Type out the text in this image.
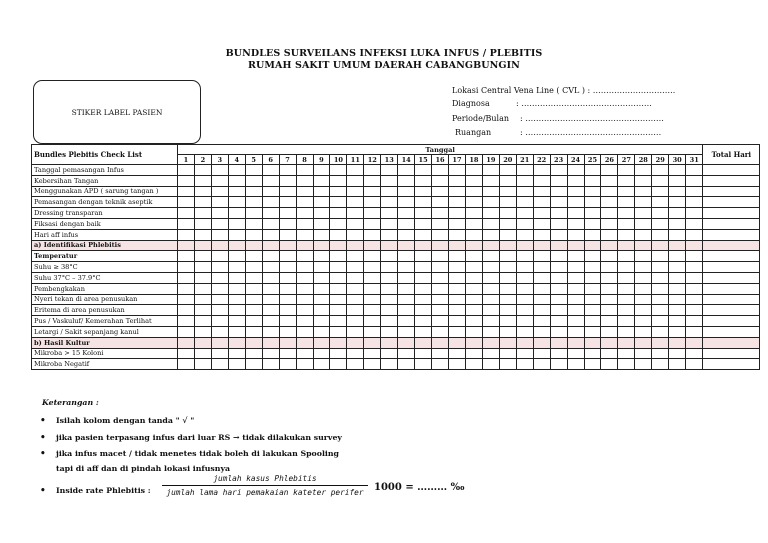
BUNDLES SURVEILANS INFEKSI LUKA INFUS / PLEBITIS
RUMAH SAKIT UMUM DAERAH CABANGBUNGIN
STIKER LABEL PASIEN
Lokasi Central Vena Line ( CVL ) : ………………………….
Diagnosa	: ………………………………………….
Periode/Bulan : …………………………………………….
Ruangan	: ……………………………………………
Bundles Plebitis Check List	Tanggal																															Total Hari
	1	2	3	4	5	6	7	8	9	10	11	12	13	14	15	16	17	18	19	20	21	22	23	24	25	26	27	28	29	30	31	
Tanggal pemasangan Infus																																
Kebersihan Tangan																																
Menggunakan APD ( sarung tangan )																																
Pemasangan dengan teknik aseptik																																
Dressing transparan																																
Fiksasi dengan baik																																
Hari aff infus																																
a) Identifikasi Phlebitis																																
Temperatur																																
Suhu ≥ 38°C																																
Suhu 37°C – 37.9°C																																
Pembengkakan																																
Nyeri tekan di area penusukan																																
Eritema di area penusukan																																
Pus / Vaskuluf/ Kemerahan Terlihat																																
Letargi / Sakit sepanjang kanul																																
b) Hasil Kultur																																
Mikroba > 15 Koloni																																
Mikroba Negatif																																
Keterangan :
• Isilah kolom dengan tanda " √ "
• jika pasien terpasang infus dari luar RS → tidak dilakukan survey
• jika infus macet / tidak menetes tidak boleh di lakukan Spooling
tapi di aff dan di pindah lokasi infusnya
• Inside rate Phlebitis :
jumlah kasus Phlebitis
jumlah lama hari pemakaian kateter perifer	1000 = ……… ‰
